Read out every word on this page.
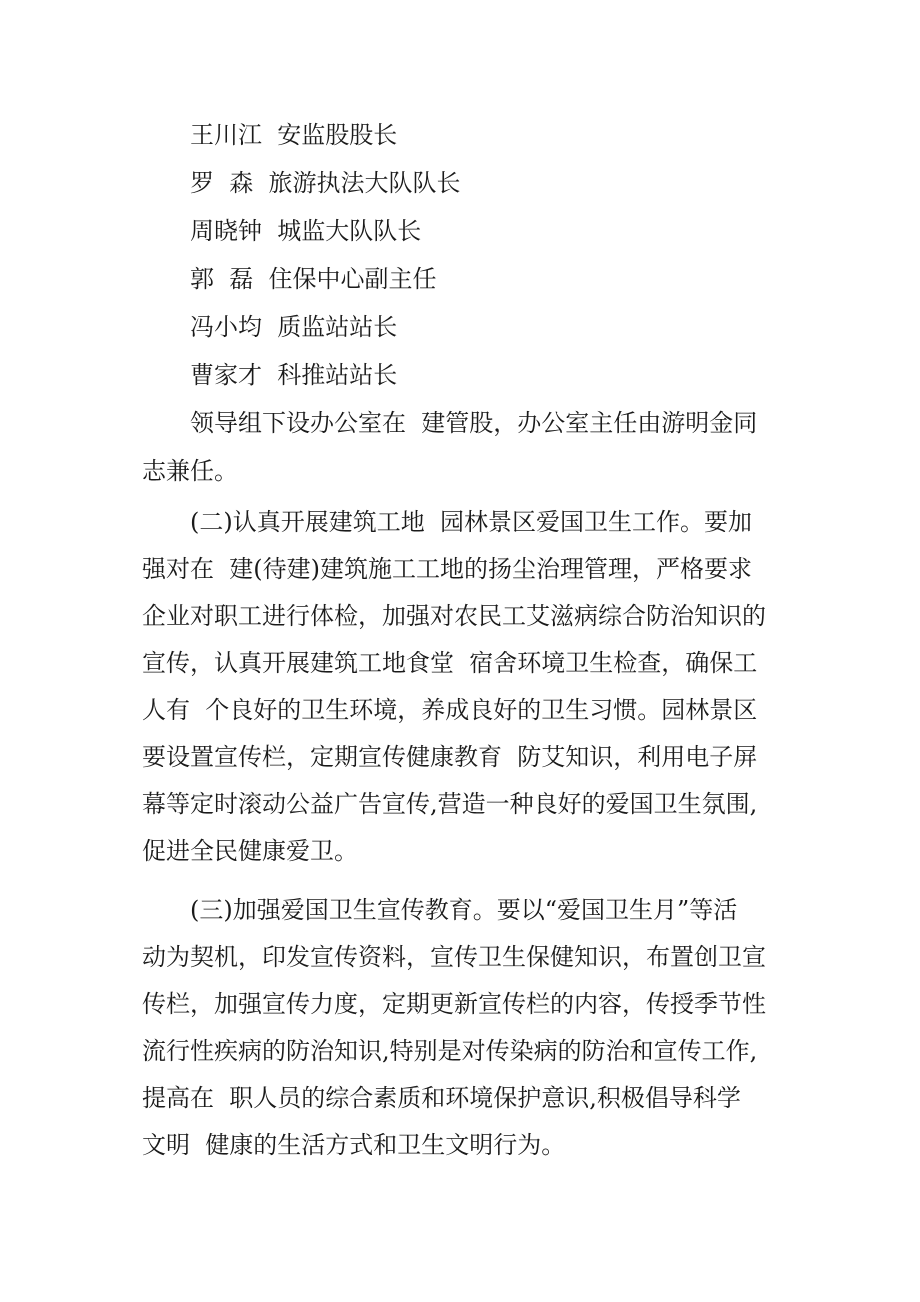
王川江  安监股股长
罗  森  旅游执法大队队长
周晓钟  城监大队队长
郭  磊  住保中心副主任
冯小均  质监站站长
曹家才  科推站站长
领导组下设办公室在  建管股，办公室主任由游明金同
志兼任。
(二)认真开展建筑工地  园林景区爱国卫生工作。要加
强对在  建(待建)建筑施工工地的扬尘治理管理，严格要求
企业对职工进行体检，加强对农民工艾滋病综合防治知识的
宣传，认真开展建筑工地食堂  宿舍环境卫生检查，确保工
人有  个良好的卫生环境，养成良好的卫生习惯。园林景区
要设置宣传栏，定期宣传健康教育  防艾知识，利用电子屏
幕等定时滚动公益广告宣传,营造一种良好的爱国卫生氛围,
促进全民健康爱卫。
(三)加强爱国卫生宣传教育。要以“爱国卫生月”等活
动为契机，印发宣传资料，宣传卫生保健知识，布置创卫宣
传栏，加强宣传力度，定期更新宣传栏的内容，传授季节性
流行性疾病的防治知识,特别是对传染病的防治和宣传工作,
提高在  职人员的综合素质和环境保护意识,积极倡导科学
文明  健康的生活方式和卫生文明行为。
